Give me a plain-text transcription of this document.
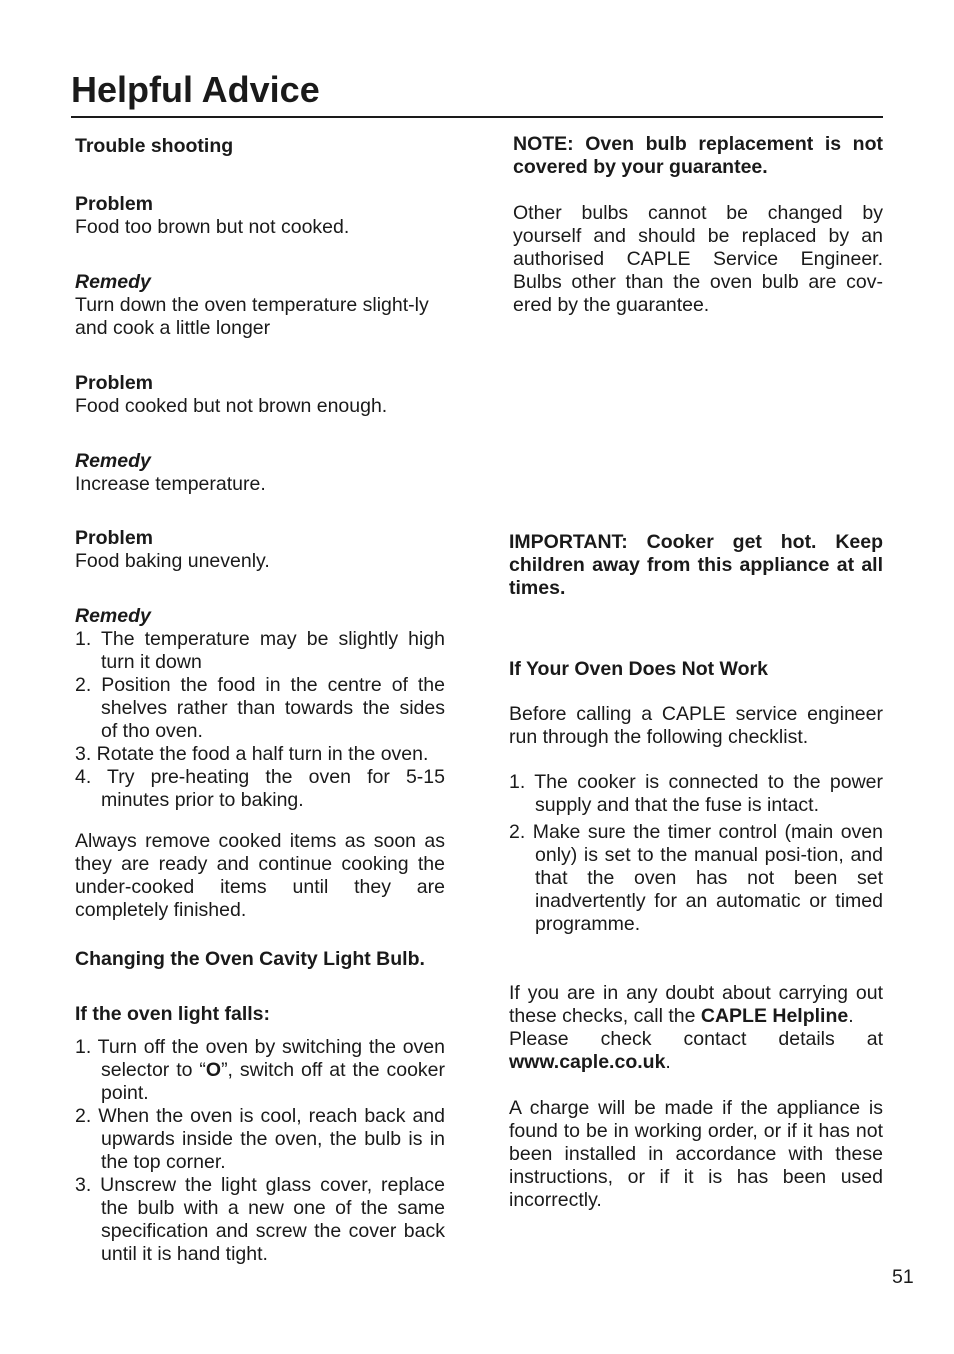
Helpful Advice

Trouble shooting

Problem

Food too brown but not cooked.

Remedy

Turn down the oven temperature slight-ly and cook a little longer

Problem

Food cooked but not brown enough.

Remedy

Increase temperature.

Problem

Food baking unevenly.

Remedy

1. The temperature may be slightly high turn it down
2. Position the food in the centre of the shelves rather than towards the sides of tho oven.
3. Rotate the food a half turn in the oven.
4. Try pre-heating the oven for 5-15 minutes prior to baking.

Always remove cooked items as soon as they are ready and continue cooking the under-cooked items until they are completely finished.

Changing the Oven Cavity Light Bulb.

If the oven light falls:

1. Turn off the oven by switching the oven selector to “O”, switch off at the cooker point.
2. When the oven is cool, reach back and upwards inside the oven, the bulb is in the top corner.
3. Unscrew the light glass cover, replace the bulb with a new one of the same specification and screw the cover back until it is hand tight.

NOTE: Oven bulb replacement is not covered by your guarantee.

Other bulbs cannot be changed by yourself and should be replaced by an authorised CAPLE Service Engineer. Bulbs other than the oven bulb are cov-ered by the guarantee.

IMPORTANT: Cooker get hot. Keep children away from this appliance at all times.

If Your Oven Does Not Work

Before calling a CAPLE service engineer run through the following checklist.

1. The cooker is connected to the power supply and that the fuse is intact.
2. Make sure the timer control (main oven only) is set to the manual posi-tion, and that the oven has not been set inadvertently for an automatic or timed programme.

If you are in any doubt about carrying out these checks, call the CAPLE Helpline.

Please check contact details at

www.caple.co.uk.

A charge will be made if the appliance is found to be in working order, or if it has not been installed in accordance with these instructions, or if it is has been used incorrectly.

51
